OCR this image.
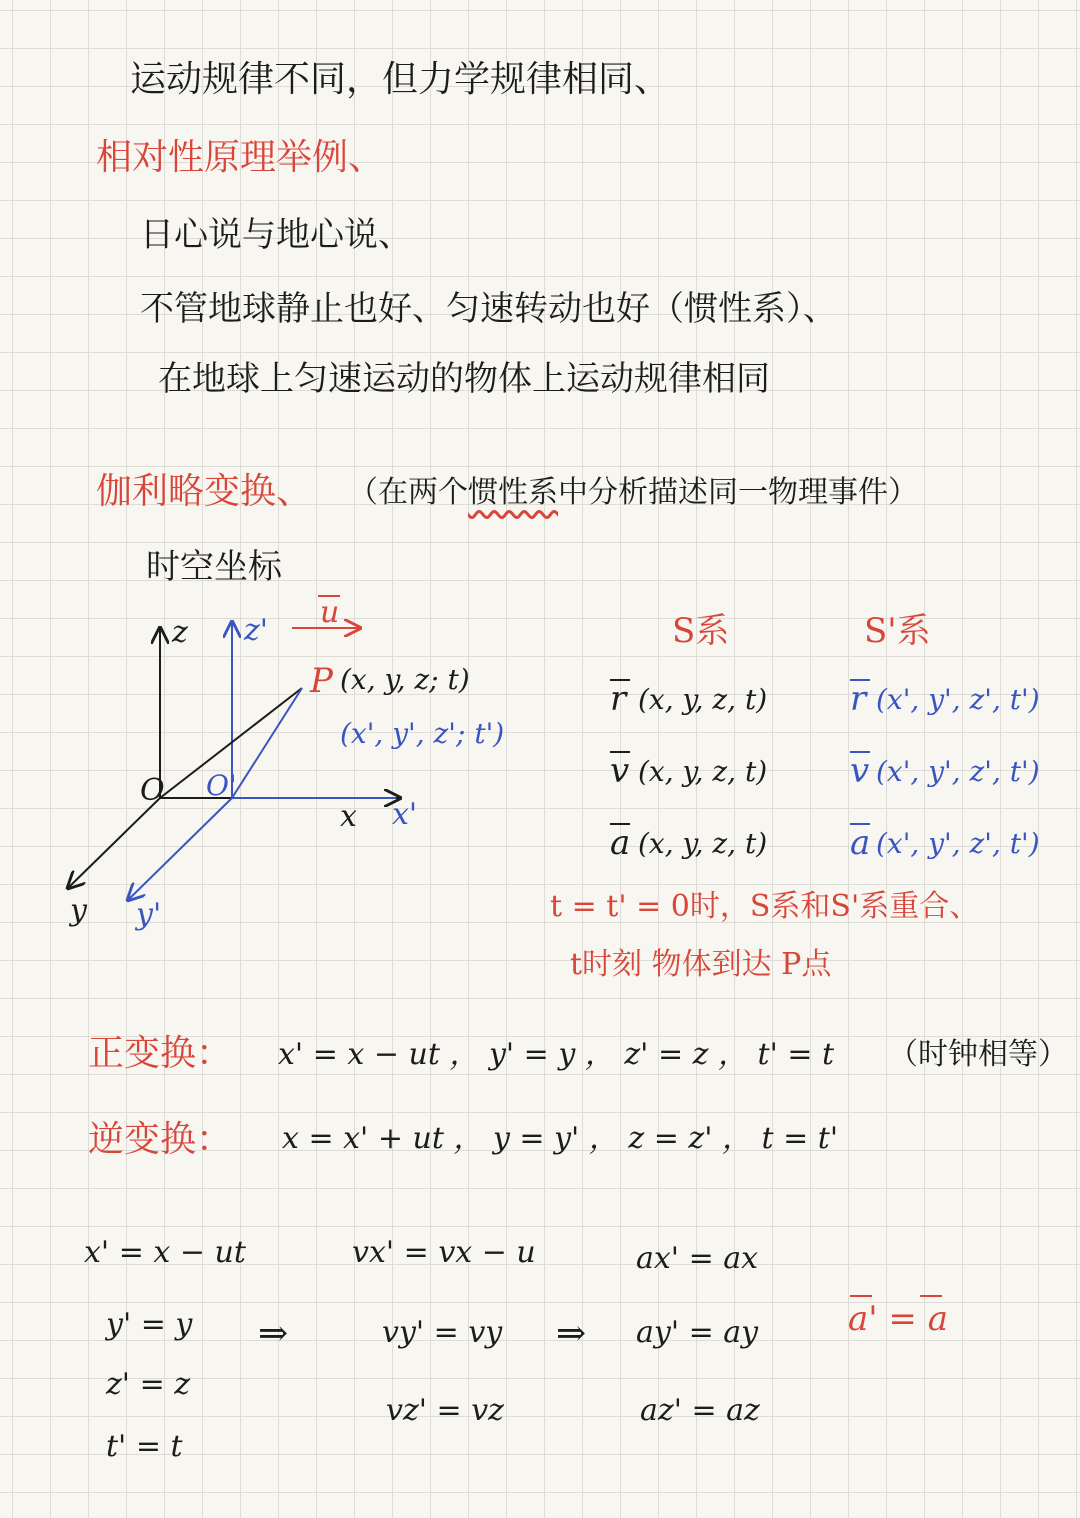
运动规律不同，但力学规律相同、
相对性原理举例、
日心说与地心说、
不管地球静止也好、匀速转动也好（惯性系）、
在地球上匀速运动的物体上运动规律相同
伽利略变换、 （在两个惯性系中分析描述同一物理事件）
时空坐标
z z'
u
P (x, y, z; t)
(x', y', z'; t')
O O'
x x'
y y'
S系	S'系
r (x, y, z, t) r (x', y', z', t')
v (x, y, z, t) v (x', y', z', t')
a (x, y, z, t) a (x', y', z', t')
t = t' = 0时，S系和S'系重合、
t时刻 物体到达 P点
正变换： x' = x − ut ， y' = y ， z' = z ， t' = t （时钟相等）
逆变换： x = x' + ut ， y = y' ， z = z' ， t = t'
x' = x − ut
y' = y
z' = z
t' = t
⇒
vx' = vx − u
vy' = vy
vz' = vz
⇒
ax' = ax
ay' = ay
az' = az
a' = a
